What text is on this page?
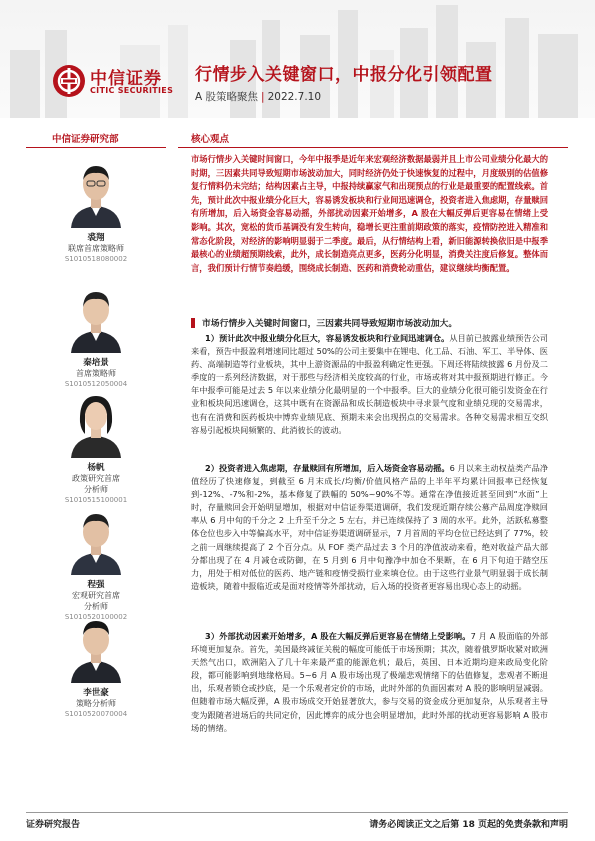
中信证券
CITIC SECURITIES
行情步入关键窗口，中报分化引领配置
A 股策略聚焦 | 2022.7.10
中信证券研究部	核心观点

市场行情步入关键时间窗口，今年中报季是近年来宏观经济数据最弱并且上市公司业绩分化最大的时期，三因素共同导致短期市场波动加大，同时经济仍处于快速恢复的过程中，月度级别的估值修复行情料仍未完结；结构因素占主导，中报持续赢家气和出现预点的行业是最重要的配置线索。首先，预计此次中报业绩分化巨大，容易诱发板块和行业间迅速调仓，投资者进入焦虑期，存量赎回有所增加，后入场资金容易动摇，外部扰动因素开始增多，A 股在大幅反弹后更容易在情绪上受影响。其次，宽松的货币基调没有发生转向，稳增长更注重前期政策的落实，疫情防控进入精准和常态化阶段，对经济的影响明显弱于二季度。最后，从行情结构上看，新旧能源转换依旧是中报季最核心的业绩超预期线索，此外，成长制造亮点更多，医药分化明显，消费关注度后修复。整体而言，我们预计行情节奏趋缓，围绕成长制造、医药和消费轮动重估，建议继续均衡配置。

裘翔
联席首席策略师
S1010518080002
秦培景
首席策略师
S1010512050004
杨帆
政策研究首席
分析师
S1010515100001
程强
宏观研究首席
分析师
S1010520100002
李世豪
策略分析师
S1010520070004
市场行情步入关键时间窗口，三因素共同导致短期市场波动加大。

1）预计此次中报业绩分化巨大，容易诱发板块和行业间迅速调仓。从目前已披露业绩预告公司来看，预告中报盈利增速同比超过 50%的公司主要集中在锂电、化工品、石油、军工、半导体、医药、高端制造等行业板块，其中上游资源品的中报盈利确定性更强。下周还将陆续披露 6 月份及二季度的一系列经济数据，对于那些与经济相关度较高的行业，市场或将对其中报预期进行修正。今年中报季可能是过去 5 年以来业绩分化最明显的一个中报季。巨大的业绩分化很可能引发资金在行业和板块间迅速调仓，这其中既有在资源品和成长制造板块中寻求景气度和业绩兑现的交易需求，也有在消费和医药板块中博弈业绩见底、预期未来会出现拐点的交易需求。各种交易需求相互交织容易引起板块间频繁的、此消彼长的波动。

2）投资者进入焦虑期，存量赎回有所增加，后入场资金容易动摇。6 月以来主动权益类产品净值经历了快速修复，到截至 6 月末成长/均衡/价值风格产品的上半年平均累计回报率已经恢复到-12%、-7%和-2%，基本修复了跌幅的 50%~90%不等。通常在净值接近甚至回到“水面”上时，存量赎回会开始明显增加，根据对中信证券渠道调研，我们发现近期存续公募产品周度净赎回率从 6 月中旬的千分之 2 上升至千分之 5 左右，并已连续保持了 3 周的水平。此外，活跃私募整体仓位也步入中等偏高水平，对中信证券渠道调研显示，7 月首周的平均仓位已经达到了 77%，较之前一周继续提高了 2 个百分点。从 FOF 类产品过去 3 个月的净值波动来看，绝对收益产品大部分都出现了在 4 月减仓或防御，在 5 月到 6 月中旬豫净中加仓不果断，在 6 月下旬迫于踏空压力，用处于相对低位的医药、地产链和疫情受损行业来填仓位。由于这些行业景气明显弱于成长制造板块，随着中报临近或是面对疫情等外部扰动，后入场的投资者更容易出现心态上的动摇。

3）外部扰动因素开始增多，A 股在大幅反弹后更容易在情绪上受影响。7 月 A 股面临的外部环境更加复杂。首先，美国最终减征关税的幅度可能低于市场预期；其次，随着俄罗斯收紧对欧洲天然气出口，欧洲陷入了几十年来最严重的能源危机；最后，英国、日本近期均迎来政局变化阶段，都可能影响到地缘格局。5~6 月 A 股市场出现了极端悲观情绪下的估值修复，悲观者不断退出，乐观者锁仓或抄底，是一个乐观者定价的市场，此时外部的负面因素对 A 股的影响明显减弱。但随着市场大幅反弹，A 股市场成交开始显著放大，参与交易的资金成分更加复杂，从乐观者主导变为跟随者进场后的共同定价，因此博弈的成分也会明显增加，此时外部的扰动更容易影响 A 股市场的情绪。

证券研究报告	请务必阅读正文之后第 18 页起的免责条款和声明
